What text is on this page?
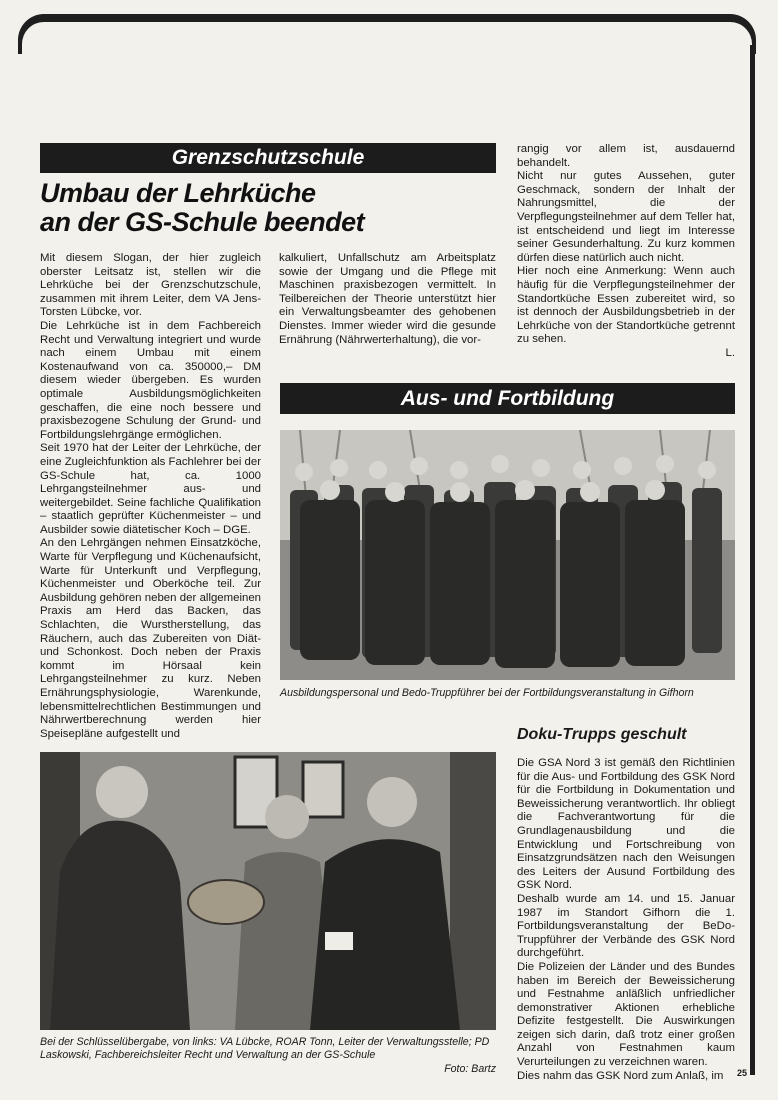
Grenzschutzschule
Umbau der Lehrküche
an der GS-Schule beendet

Mit diesem Slogan, der hier zugleich oberster Leitsatz ist, stellen wir die Lehrküche bei der Grenzschutzschule, zusammen mit ihrem Leiter, dem VA Jens-Torsten Lübcke, vor.

Die Lehrküche ist in dem Fachbereich Recht und Verwaltung integriert und wurde nach einem Umbau mit einem Kostenaufwand von ca. 350000,– DM diesem wieder übergeben. Es wurden optimale Ausbildungsmöglichkeiten geschaffen, die eine noch bessere und praxisbezogene Schulung der Grund- und Fortbildungslehrgänge ermöglichen.

Seit 1970 hat der Leiter der Lehrküche, der eine Zugleichfunktion als Fachlehrer bei der GS-Schule hat, ca. 1000 Lehrgangsteilnehmer aus- und weitergebildet. Seine fachliche Qualifikation – staatlich geprüfter Küchenmeister – und Ausbilder sowie diätetischer Koch – DGE.

An den Lehrgängen nehmen Einsatzköche, Warte für Verpflegung und Küchenaufsicht, Warte für Unterkunft und Verpflegung, Küchenmeister und Oberköche teil. Zur Ausbildung gehören neben der allgemeinen Praxis am Herd das Backen, das Schlachten, die Wurstherstellung, das Räuchern, auch das Zubereiten von Diät- und Schonkost. Doch neben der Praxis kommt im Hörsaal kein Lehrgangsteilnehmer zu kurz. Neben Ernährungsphysiologie, Warenkunde, lebensmittelrechtlichen Bestimmungen und Nährwertberechnung werden hier Speisepläne aufgestellt und

kalkuliert, Unfallschutz am Arbeitsplatz sowie der Umgang und die Pflege mit Maschinen praxisbezogen vermittelt. In Teilbereichen der Theorie unterstützt hier ein Verwaltungsbeamter des gehobenen Dienstes. Immer wieder wird die gesunde Ernährung (Nährwerterhaltung), die vor-

rangig vor allem ist, ausdauernd behandelt.

Nicht nur gutes Aussehen, guter Geschmack, sondern der Inhalt der Nahrungsmittel, die der Verpflegungsteilnehmer auf dem Teller hat, ist entscheidend und liegt im Interesse seiner Gesunderhaltung. Zu kurz kommen dürfen diese natürlich auch nicht.

Hier noch eine Anmerkung: Wenn auch häufig für die Verpflegungsteilnehmer der Standortküche Essen zubereitet wird, so ist dennoch der Ausbildungsbetrieb in der Lehrküche von der Standortküche getrennt zu sehen.

L.
Aus- und Fortbildung
Ausbildungspersonal und Bedo-Truppführer bei der Fortbildungsveranstaltung in Gifhorn
Doku-Trupps geschult

Die GSA Nord 3 ist gemäß den Richtlinien für die Aus- und Fortbildung des GSK Nord für die Fortbildung in Dokumentation und Beweissicherung verantwortlich. Ihr obliegt die Fachverantwortung für die Grundlagenausbildung und die Entwicklung und Fortschreibung von Einsatzgrundsätzen nach den Weisungen des Leiters der Ausund Fortbildung des GSK Nord.

Deshalb wurde am 14. und 15. Januar 1987 im Standort Gifhorn die 1. Fortbildungsveranstaltung der BeDo-Truppführer der Verbände des GSK Nord durchgeführt.

Die Polizeien der Länder und des Bundes haben im Bereich der Beweissicherung und Festnahme anläßlich unfriedlicher demonstrativer Aktionen erhebliche Defizite festgestellt. Die Auswirkungen zeigen sich darin, daß trotz einer großen Anzahl von Festnahmen kaum Verurteilungen zu verzeichnen waren.

Dies nahm das GSK Nord zum Anlaß, im	25
Bei der Schlüsselübergabe, von links: VA Lübcke, ROAR Tonn, Leiter der Verwaltungsstelle; PD Laskowski, Fachbereichsleiter Recht und Verwaltung an der GS-Schule
Foto: Bartz
